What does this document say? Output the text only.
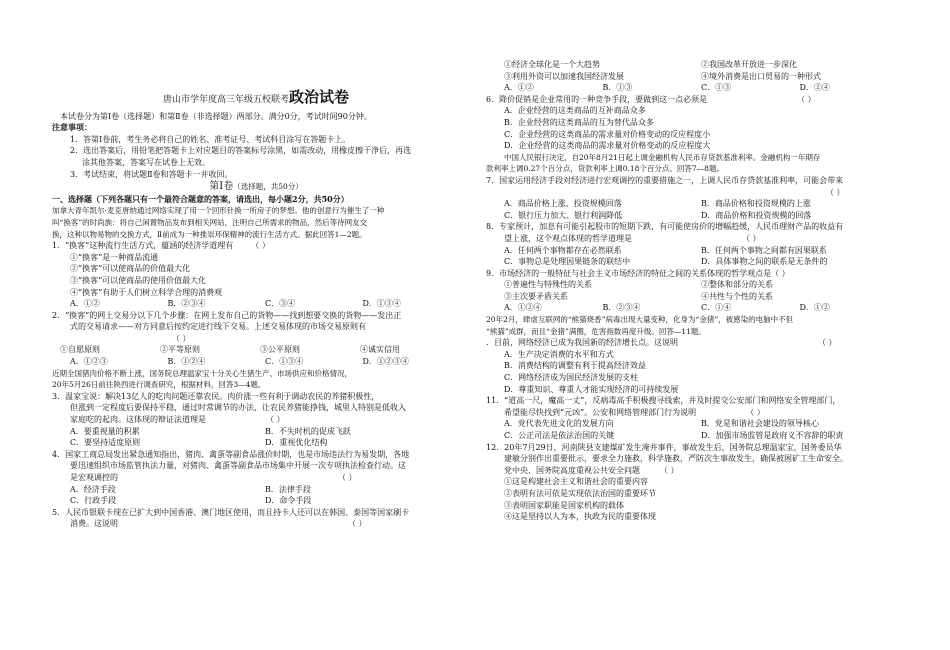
唐山市学年度高三年级五校联考政治试卷
本试卷分为第Ⅰ卷（选择题）和第Ⅱ卷（非选择题）两部分。满分0分，考试时间90分钟。
注意事项：
1．答第Ⅰ卷前，考生务必将自己的姓名、准考证号、考试科目涂写在答题卡上。
2．选出答案后，用铅笔把答题卡上对应题目的答案标号涂黑，如需改动，用橡皮擦干净后，再选
涂其他答案，答案写在试卷上无效。
3．考试结束，将试题Ⅱ卷和答题卡一并收回。
第Ⅰ卷（选择题，共50分）
一、选择题（下列各题只有一个最符合题意的答案，请选出，每小题2分，共50分）
加拿大青年凯尔·麦克唐纳通过网络实现了用一个回形针换一所房子的梦想。他的创意行为催生了一种
叫“换客”的时尚族：将自己闲置物品发布到相关网站，注明自己所需求的物品，然后等待网友交
换，这种以物易物的交换方式，Ⅱ前成为一种推崇环保精神的流行生活方式。据此回答1—2题。
1．“换客”这种流行生活方式，蕴涵的经济学道理有 （ ）
①“换客”是一种商品流通
②“换客”可以使商品的价值最大化
③“换客”可以使商品的使用价值最大化
④“换客”有助于人们树立科学合理的消费观
A．①②	B．②③④	C．③④	D．①③④
2．“换客”的网上交易分以下几个步骤：在网上发布自己的货物——找到想要交换的货物——发出正
式的交易请求——对方同意后按约定进行线下交易。上述交易体现的市场交易原则有
（ ）
①自愿原则	②平等原则	③公平原则	④诚实信用
A．①②③	B．①②④	C．①③④	D．①②③④
近期全国猪肉价格不断上涨，国务院总理温家宝十分关心生猪生产、市场供应和价格情况，
20年5月26日前往陕西进行调查研究，根据材料，回答3—4题。
3．温家宝说：解决13亿人的吃肉问题还靠农民。肉价涨一些有利于调动农民的养猪积极性，
但涨到一定程度后要保持平稳，通过时常调节的办法，让农民养猪能挣钱，城里人特别是低收入
家庭吃的起肉。这体现的辩证法道理是	（ ）
A．要重视量的积累	B．不失时机的促成飞跃
C．要坚持适度原则	D．重视优化结构
4．国家工商总局发出紧急通知指出，猪肉、禽蛋等副食品涨价时期，也是市场违法行为易发期，各地
要迅速组织市场监管执法力量，对猪肉、禽蛋等副食品市场集中开展一次专项执法检查行动。这
是宏观调控的	（ ）
A．经济手段	B．法律手段
C．行政手段	D．命令手段
5．人民币银联卡现在已扩大到中国香港、澳门地区使用，而且持卡人还可以在韩国、泰国等国家刷卡
消费。这说明	（ ）
①经济全球化是一个大趋势	②我国改革开放进一步深化
③利用外资可以加速我国经济发展	④境外消费是出口贸易的一种形式
A．①②	B．①③	C．①③	D．②④
6．降价促销是企业常用的一种竞争手段，要做到这一点必须是	（ ）
A．企业经营的这类商品的互补商品众多
B．企业经营的这类商品的互为替代品众多
C．企业经营的这类商品的需求量对价格变动的反应程度小
D．企业经营的这类商品的需求量对价格变动的反应程度大
中国人民银行决定，自20年8月21日起上调金融机构人民币存贷款基准利率。金融机构一年期存
款利率上调0.27个百分点，贷款利率上调0.18个百分点。回答7—8题。
7．国家运用经济手段对经济进行宏观调控的重要措施之一，上调人民币存贷款基准利率，可能会带来
（ ）
A．商品价格上涨、投资规模回落	B．商品价格和投资规模的上涨
C．银行压力加大、银行利润降低	D．商品价格和投资规模的回落
8．专家预计，加息有可能引起股市的短期下跌，有可能使房价的增幅趋缓，人民币理财产品的收益有
望上涨，这个观点体现的哲学道理是	（ ）
A．任何两个事物都存在必然联系	B．任何两个事物之间都有因果联系
C．事物总是处理因果链条的联结中	D．具体事物之间的联系是无条件的
9．市场经济的一般特征与社会主义市场经济的特征之间的关系体现的哲学观点是（ ）
①普遍性与特殊性的关系	②整体和部分的关系
③主次要矛盾关系	④共性与个性的关系
A．①②④	B．②③④	C．①④	D．①②
20年2月，肆虐互联网的“熊猫烧香”病毒出现大量变种，化身为“金猪”，被感染的电脑中不但
“熊猫”成群，而且“金猪”满圈，危害指数再度升级。回答—11题。
．目前，网络经济已成为我国新的经济增长点。这说明	（ ）
A．生产决定消费的水平和方式
B．消费结构的调整有利于提高经济效益
C．网络经济成为国民经济发展的支柱
D．尊重知识、尊重人才能实现经济的可持续发展
11．“道高一尺，魔高一丈”，反病毒高手积极搜寻线索，并及时提交公安部门和网络安全管理部门，
希望能尽快找到“元凶”。公安和网络管理部门行为说明	（ ）
A．党代表先进文化的发展方向	B．党是和谐社会建设的领导核心
C．公正司法是依法治国的关键	D．加强市场监管是政府义不容辞的职责
12．20年7月29日，河南陕县支建煤矿发生淹井事件，事故发生后，国务院总理温家宝，国务委员华
建敏分别作出重要批示，要求全力施救，科学施救，严防次生事故发生，确保被困矿工生命安全。
党中央、国务院高度重视公共安全问题	（ ）
①这是构建社会主义和谐社会的重要内容
②表明有法可依是实现依法治国的重要环节
③表明国家职能是国家机构的载体
④这是坚持以人为本，执政为民的重要体现
